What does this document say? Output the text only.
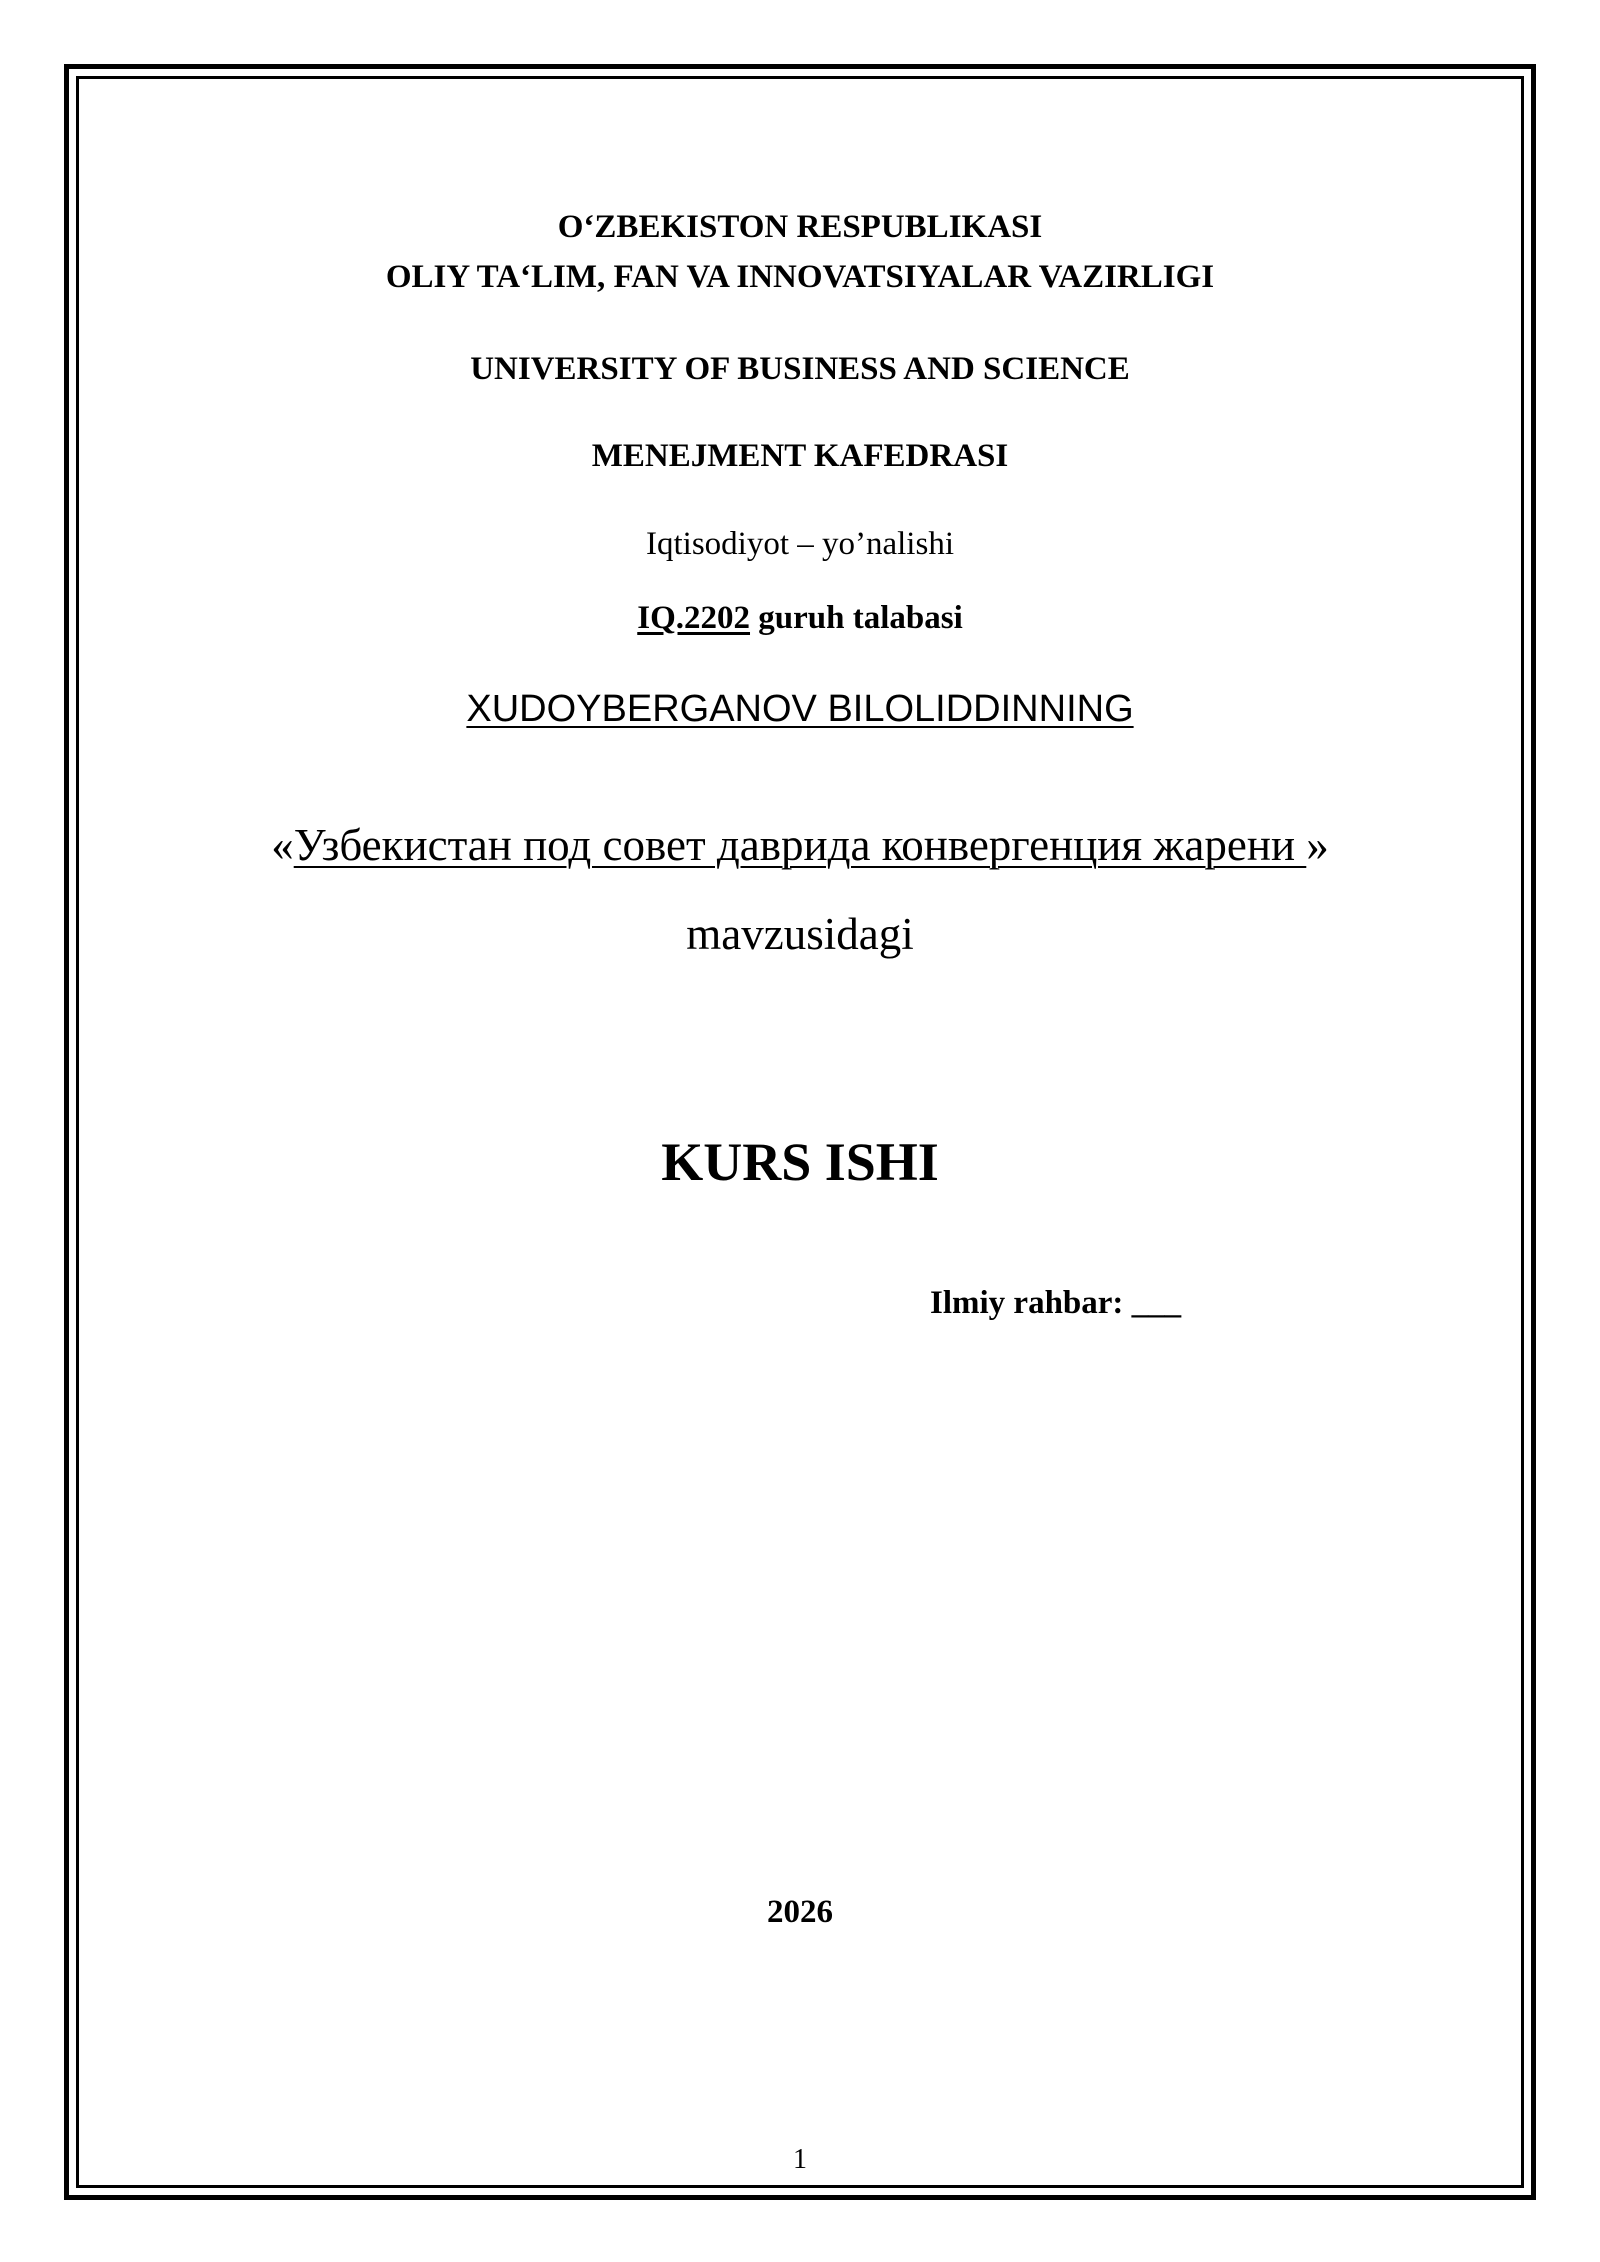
O‘ZBEKISTON RESPUBLIKASI
OLIY TA‘LIM, FAN VA INNOVATSIYALAR VAZIRLIGI
UNIVERSITY OF BUSINESS AND SCIENCE
MENEJMENT KAFEDRASI
Iqtisodiyot – yo’nalishi
IQ.2202 guruh talabasi
XUDOYBERGANOV BILOLIDDINNING
«Узбекистан под совет даврида конвергенция жарени »
mavzusidagi
KURS ISHI
Ilmiy rahbar: ___
2026
1
